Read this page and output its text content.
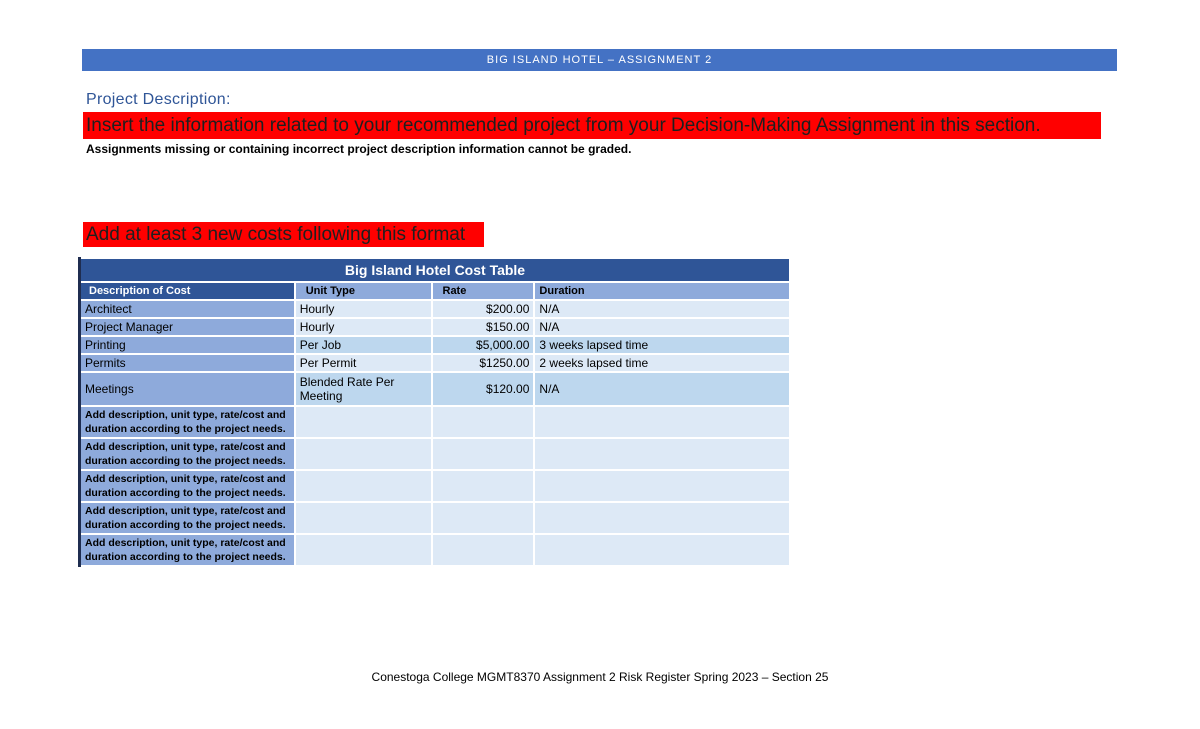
BIG ISLAND HOTEL – ASSIGNMENT 2
Project Description:
Insert the information related to your recommended project from your Decision-Making Assignment in this section.
Assignments missing or containing incorrect project description information cannot be graded.
Add at least 3 new costs following this format
Big Island Hotel Cost Table			
Description of Cost	Unit Type	Rate	Duration
Architect	Hourly	$200.00	N/A
Project Manager	Hourly	$150.00	N/A
Printing	Per Job	$5,000.00	3 weeks lapsed time
Permits	Per Permit	$1250.00	2 weeks lapsed time
Meetings	Blended Rate Per Meeting	$120.00	N/A
Add description, unit type, rate/cost and duration according to the project needs.			
Add description, unit type, rate/cost and duration according to the project needs.			
Add description, unit type, rate/cost and duration according to the project needs.			
Add description, unit type, rate/cost and duration according to the project needs.			
Add description, unit type, rate/cost and duration according to the project needs.			
Conestoga College MGMT8370 Assignment 2 Risk Register Spring 2023 – Section 25
